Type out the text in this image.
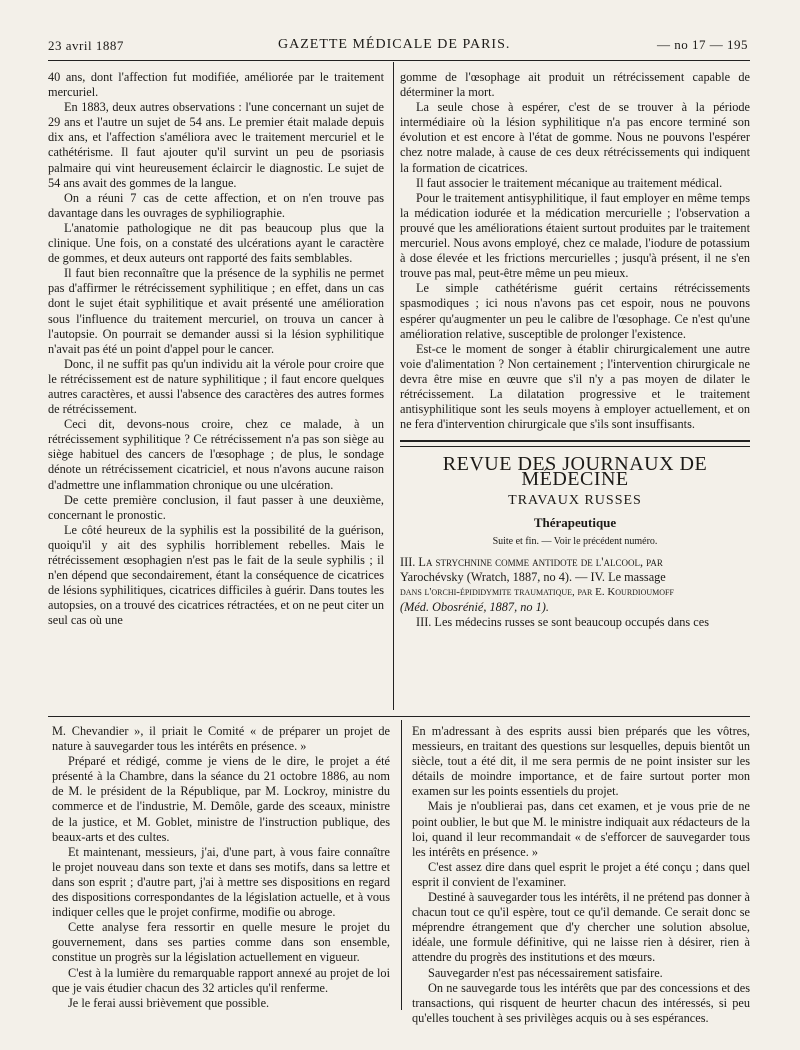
23 avril 1887	GAZETTE MÉDICALE DE PARIS.	— no 17 — 195

40 ans, dont l'affection fut modifiée, améliorée par le traitement mercuriel.

En 1883, deux autres observations : l'une concernant un sujet de 29 ans et l'autre un sujet de 54 ans. Le premier était malade depuis dix ans, et l'affection s'améliora avec le traitement mercuriel et le cathétérisme. Il faut ajouter qu'il survint un peu de psoriasis palmaire qui vint heureusement éclaircir le diagnostic. Le sujet de 54 ans avait des gommes de la langue.

On a réuni 7 cas de cette affection, et on n'en trouve pas davantage dans les ouvrages de syphiliographie.

L'anatomie pathologique ne dit pas beaucoup plus que la clinique. Une fois, on a constaté des ulcérations ayant le caractère de gommes, et deux auteurs ont rapporté des faits semblables.

Il faut bien reconnaître que la présence de la syphilis ne permet pas d'affirmer le rétrécissement syphilitique ; en effet, dans un cas dont le sujet était syphilitique et avait présenté une amélioration sous l'influence du traitement mercuriel, on trouva un cancer à l'autopsie. On pourrait se demander aussi si la lésion syphilitique n'avait pas été un point d'appel pour le cancer.

Donc, il ne suffit pas qu'un individu ait la vérole pour croire que le rétrécissement est de nature syphilitique ; il faut encore quelques autres caractères, et aussi l'absence des caractères des autres formes de rétrécissement.

Ceci dit, devons-nous croire, chez ce malade, à un rétrécissement syphilitique ? Ce rétrécissement n'a pas son siège au siège habituel des cancers de l'œsophage ; de plus, le sondage dénote un rétrécissement cicatriciel, et nous n'avons aucune raison d'admettre une inflammation chronique ou une ulcération.

De cette première conclusion, il faut passer à une deuxième, concernant le pronostic.

Le côté heureux de la syphilis est la possibilité de la guérison, quoiqu'il y ait des syphilis horriblement rebelles. Mais le rétrécissement œsophagien n'est pas le fait de la seule syphilis ; il n'en dépend que secondairement, étant la conséquence de cicatrices de lésions syphilitiques, cicatrices difficiles à guérir. Dans toutes les autopsies, on a trouvé des cicatrices rétractées, et on ne peut citer un seul cas où une

gomme de l'œsophage ait produit un rétrécissement capable de déterminer la mort.

La seule chose à espérer, c'est de se trouver à la période intermédiaire où la lésion syphilitique n'a pas encore terminé son évolution et est encore à l'état de gomme. Nous ne pouvons l'espérer chez notre malade, à cause de ces deux rétrécissements qui indiquent la formation de cicatrices.

Il faut associer le traitement mécanique au traitement médical.

Pour le traitement antisyphilitique, il faut employer en même temps la médication iodurée et la médication mercurielle ; l'observation a prouvé que les améliorations étaient surtout produites par le traitement mercuriel. Nous avons employé, chez ce malade, l'iodure de potassium à dose élevée et les frictions mercurielles ; jusqu'à présent, il ne s'en trouve pas mal, peut-être même un peu mieux.

Le simple cathétérisme guérit certains rétrécissements spasmodiques ; ici nous n'avons pas cet espoir, nous ne pouvons espérer qu'augmenter un peu le calibre de l'œsophage. Ce n'est qu'une amélioration relative, susceptible de prolonger l'existence.

Est-ce le moment de songer à établir chirurgicalement une autre voie d'alimentation ? Non certainement ; l'intervention chirurgicale ne devra être mise en œuvre que s'il n'y a pas moyen de dilater le rétrécissement. La dilatation progressive et le traitement antisyphilitique sont les seuls moyens à employer actuellement, et on ne fera d'intervention chirurgicale que s'ils sont insuffisants.

REVUE DES JOURNAUX DE MÉDECINE
TRAVAUX RUSSES
Thérapeutique
Suite et fin. — Voir le précédent numéro.

III. La strychnine comme antidote de l'alcool, par

Yarochévsky (Wratch, 1887, no 4). — IV. Le massage

dans l'orchi-épididymite traumatique, par E. Kourdioumoff

(Méd. Obosrénié, 1887, no 1).

III. Les médecins russes se sont beaucoup occupés dans ces

M. Chevandier », il priait le Comité « de préparer un projet de nature à sauvegarder tous les intérêts en présence. »

Préparé et rédigé, comme je viens de le dire, le projet a été présenté à la Chambre, dans la séance du 21 octobre 1886, au nom de M. le président de la République, par M. Lockroy, ministre du commerce et de l'industrie, M. Demôle, garde des sceaux, ministre de la justice, et M. Goblet, ministre de l'instruction publique, des beaux-arts et des cultes.

Et maintenant, messieurs, j'ai, d'une part, à vous faire connaître le projet nouveau dans son texte et dans ses motifs, dans sa lettre et dans son esprit ; d'autre part, j'ai à mettre ses dispositions en regard des dispositions correspondantes de la législation actuelle, et à vous indiquer celles que le projet confirme, modifie ou abroge.

Cette analyse fera ressortir en quelle mesure le projet du gouvernement, dans ses parties comme dans son ensemble, constitue un progrès sur la législation actuellement en vigueur.

C'est à la lumière du remarquable rapport annexé au projet de loi que je vais étudier chacun des 32 articles qu'il renferme.

Je le ferai aussi brièvement que possible.

En m'adressant à des esprits aussi bien préparés que les vôtres, messieurs, en traitant des questions sur lesquelles, depuis bientôt un siècle, tout a été dit, il me sera permis de ne point insister sur les détails de moindre importance, et de faire surtout porter mon examen sur les points essentiels du projet.

Mais je n'oublierai pas, dans cet examen, et je vous prie de ne point oublier, le but que M. le ministre indiquait aux rédacteurs de la loi, quand il leur recommandait « de s'efforcer de sauvegarder tous les intérêts en présence. »

C'est assez dire dans quel esprit le projet a été conçu ; dans quel esprit il convient de l'examiner.

Destiné à sauvegarder tous les intérêts, il ne prétend pas donner à chacun tout ce qu'il espère, tout ce qu'il demande. Ce serait donc se méprendre étrangement que d'y chercher une solution absolue, idéale, une formule définitive, qui ne laisse rien à désirer, rien à attendre du progrès des institutions et des mœurs.

Sauvegarder n'est pas nécessairement satisfaire.

On ne sauvegarde tous les intérêts que par des concessions et des transactions, qui risquent de heurter chacun des intéressés, si peu qu'elles touchent à ses privilèges acquis ou à ses espérances.
